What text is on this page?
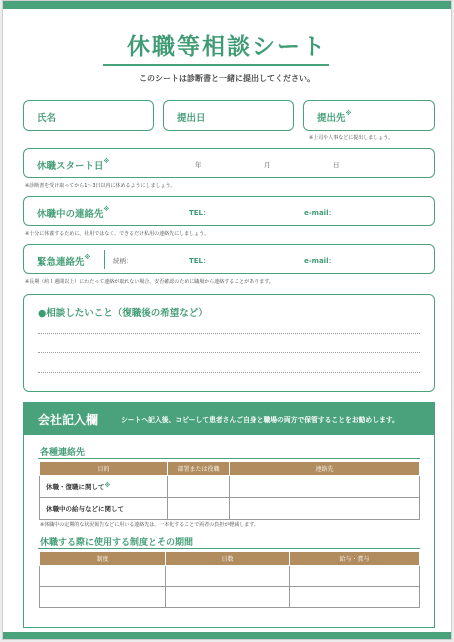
休職等相談シート
このシートは診断書と一緒に提出してください。
氏名	提出日	提出先※
※上司や人事などに提出しましょう。
休職スタート日※	年	月	日
※診断書を受け取ってから1～3日以内に休めるようにしましょう。
休職中の連絡先※	TEL：	e-mail：
※十分に休養するために、社用ではなく、できるだけ私用の連絡先にしましょう。
緊急連絡先※	続柄：	TEL：	e-mail：
※長期（約１週間以上）にわたって連絡が取れない場合、安否確認のために職場から連絡することがあります。
●相談したいこと（復職後の希望など）
会社記入欄	シートへ記入後、コピーして患者さんご自身と職場の両方で保管することをお勧めします。
各種連絡先
目的	部署または役職	連絡先
休職・復職に関して※		
休職中の給与などに関して		
※休職中の定期的な状況報告などに用いる連絡先は、一本化することで両者の負担が軽減します。
休職する際に使用する制度とその期間
制度	日数	給与・賞与
